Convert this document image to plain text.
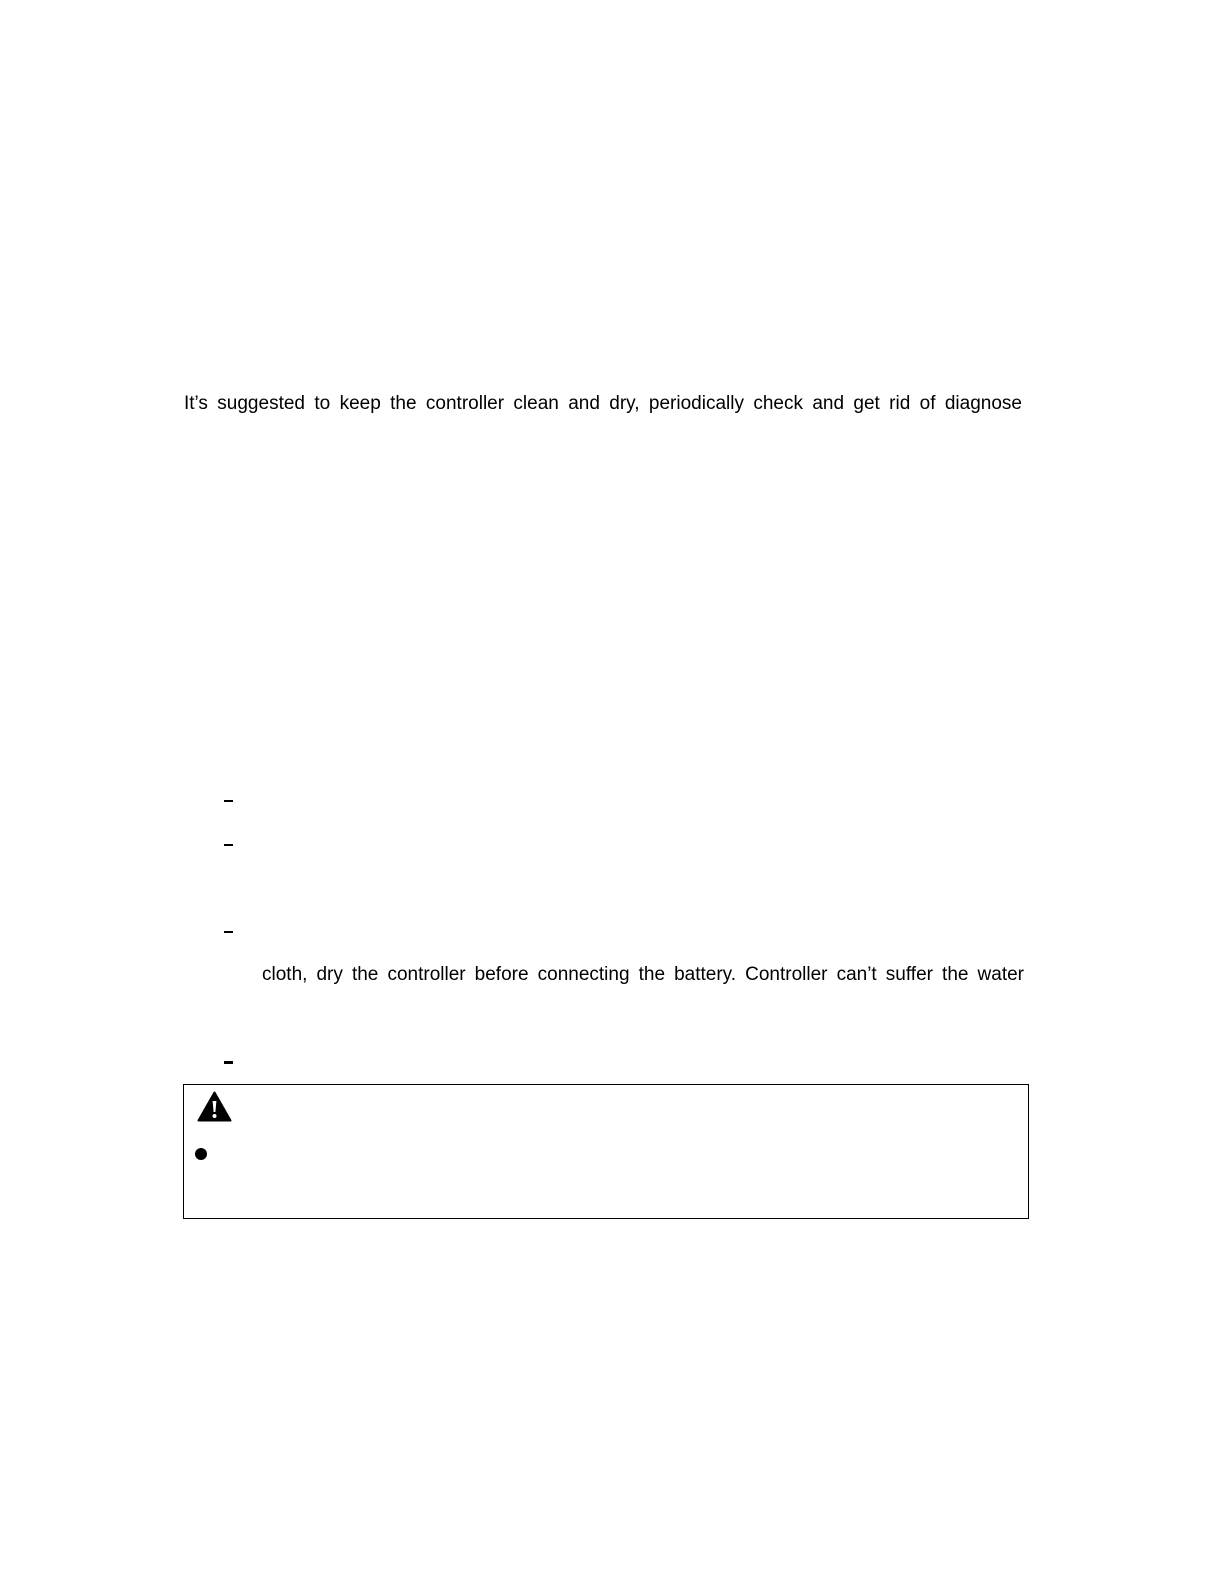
It’s suggested to keep the controller clean and dry, periodically check and get rid of diagnose
cloth, dry the controller before connecting the battery. Controller can’t suffer the water
